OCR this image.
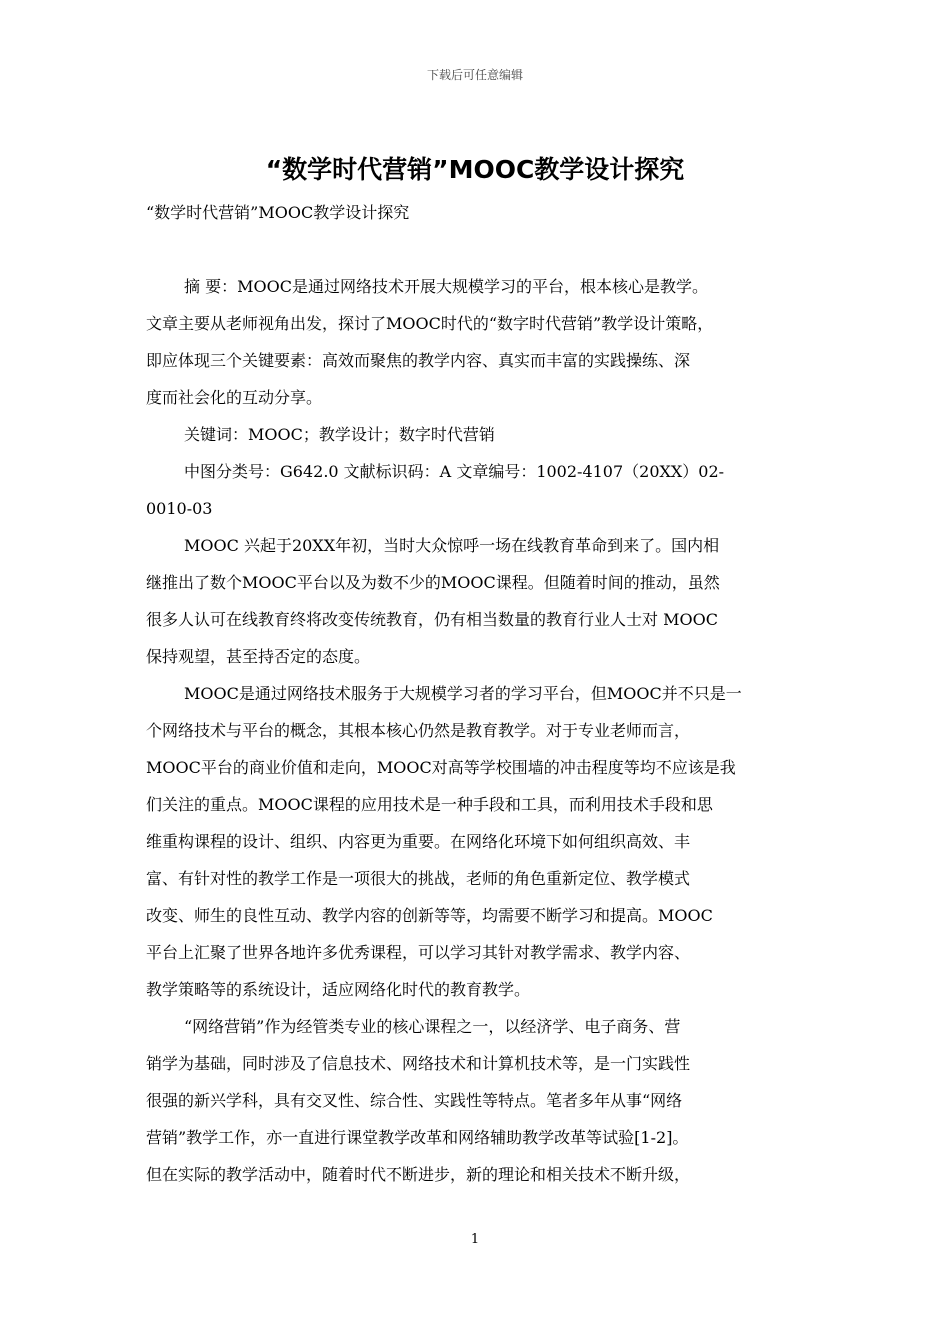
下载后可任意编辑
“数学时代营销”MOOC教学设计探究
“数学时代营销”MOOC教学设计探究

摘 要：MOOC是通过网络技术开展大规模学习的平台，根本核心是教学。
文章主要从老师视角出发，探讨了MOOC时代的“数字时代营销”教学设计策略，
即应体现三个关键要素：高效而聚焦的教学内容、真实而丰富的实践操练、深
度而社会化的互动分享。

关键词：MOOC；教学设计；数字时代营销

中图分类号：G642.0 文献标识码：A 文章编号：1002-4107（20XX）02-
0010-03

MOOC 兴起于20XX年初，当时大众惊呼一场在线教育革命到来了。国内相
继推出了数个MOOC平台以及为数不少的MOOC课程。但随着时间的推动，虽然
很多人认可在线教育终将改变传统教育，仍有相当数量的教育行业人士对 MOOC
保持观望，甚至持否定的态度。

MOOC是通过网络技术服务于大规模学习者的学习平台，但MOOC并不只是一
个网络技术与平台的概念，其根本核心仍然是教育教学。对于专业老师而言，
MOOC平台的商业价值和走向，MOOC对高等学校围墙的冲击程度等均不应该是我
们关注的重点。MOOC课程的应用技术是一种手段和工具，而利用技术手段和思
维重构课程的设计、组织、内容更为重要。在网络化环境下如何组织高效、丰
富、有针对性的教学工作是一项很大的挑战，老师的角色重新定位、教学模式
改变、师生的良性互动、教学内容的创新等等，均需要不断学习和提高。MOOC
平台上汇聚了世界各地许多优秀课程，可以学习其针对教学需求、教学内容、
教学策略等的系统设计，适应网络化时代的教育教学。

“网络营销”作为经管类专业的核心课程之一，以经济学、电子商务、营
销学为基础，同时涉及了信息技术、网络技术和计算机技术等，是一门实践性
很强的新兴学科，具有交叉性、综合性、实践性等特点。笔者多年从事“网络
营销”教学工作，亦一直进行课堂教学改革和网络辅助教学改革等试验[1-2]。
但在实际的教学活动中，随着时代不断进步，新的理论和相关技术不断升级，

1
